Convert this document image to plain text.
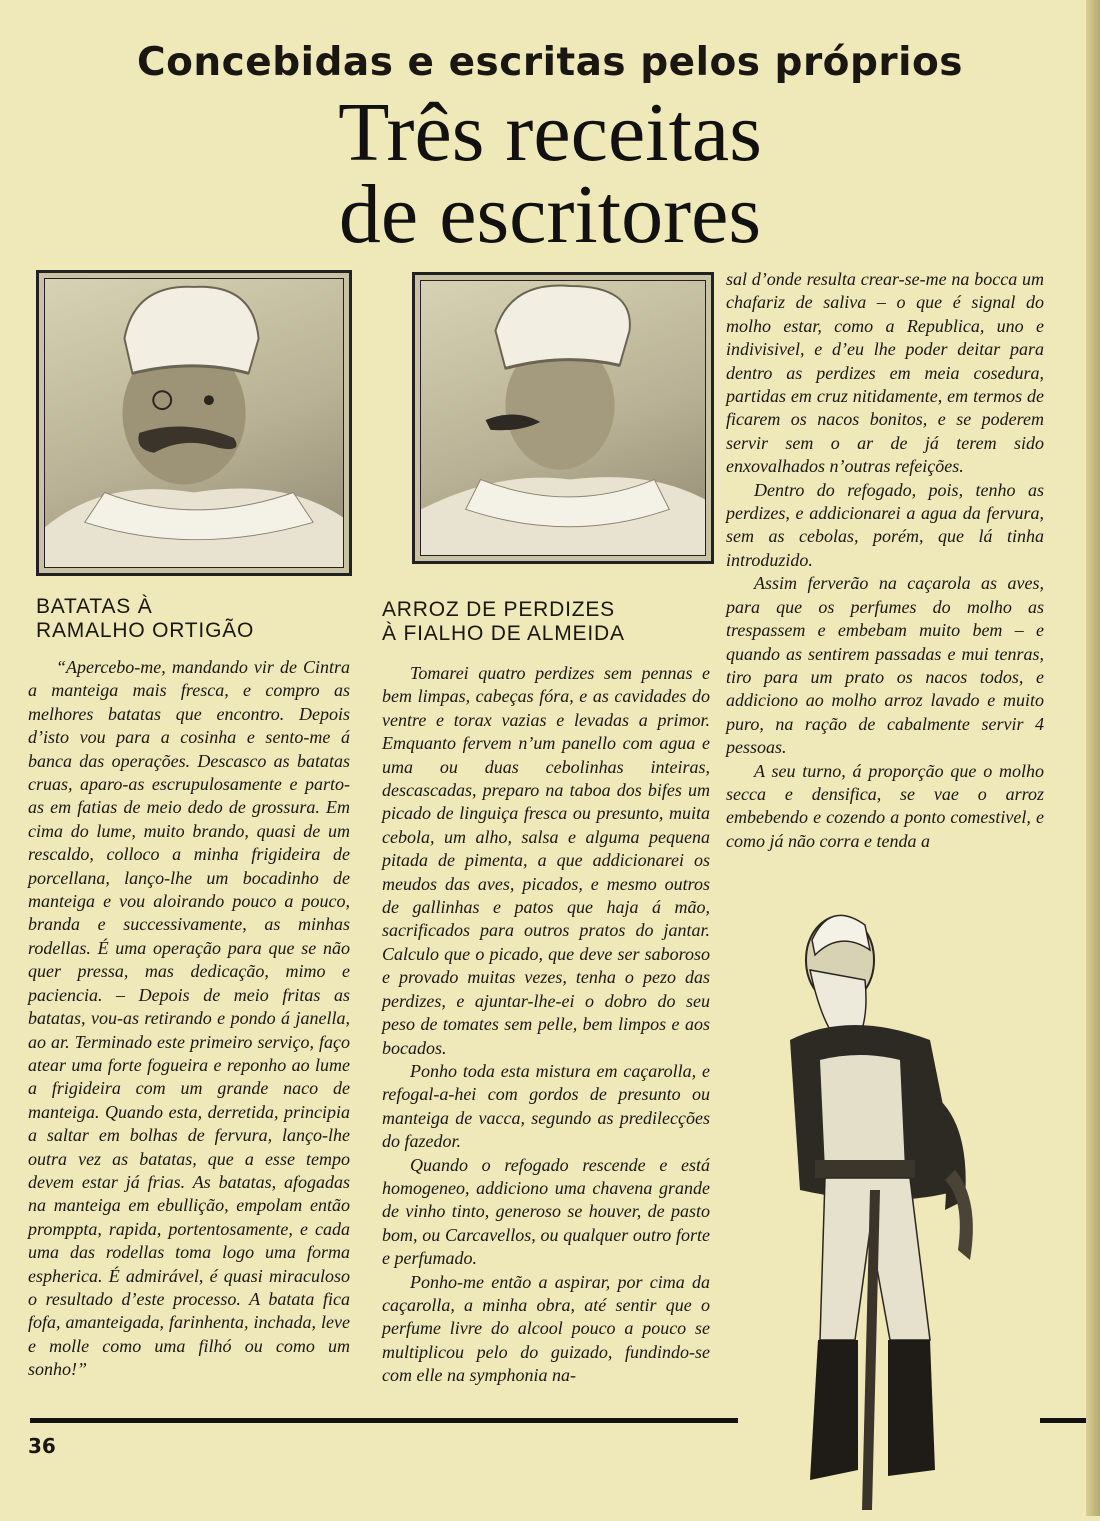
Concebidas e escritas pelos próprios
Três receitas
de escritores
BATATAS À
RAMALHO ORTIGÃO
ARROZ DE PERDIZES
À FIALHO DE ALMEIDA

“Apercebo-me, mandando vir de Cintra a manteiga mais fresca, e compro as melhores batatas que encontro. Depois d’isto vou para a cosinha e sento-me á banca das operações. Descasco as batatas cruas, aparo-as escrupulosamente e parto-as em fatias de meio dedo de grossura. Em cima do lume, muito brando, quasi de um rescaldo, colloco a minha frigideira de porcellana, lanço-lhe um bocadinho de manteiga e vou aloirando pouco a pouco, branda e successivamente, as minhas rodellas. É uma operação para que se não quer pressa, mas dedicação, mimo e paciencia. – Depois de meio fritas as batatas, vou-as retirando e pondo á janella, ao ar. Terminado este primeiro serviço, faço atear uma forte fogueira e reponho ao lume a frigideira com um grande naco de manteiga. Quando esta, derretida, principia a saltar em bolhas de fervura, lanço-lhe outra vez as batatas, que a esse tempo devem estar já frias. As batatas, afogadas na manteiga em ebullição, empolam então promppta, rapida, portentosamente, e cada uma das rodellas toma logo uma forma espherica. É admirável, é quasi miraculoso o resultado d’este processo. A batata fica fofa, amanteigada, farinhenta, inchada, leve e molle como uma filhó ou como um sonho!”

Tomarei quatro perdizes sem pennas e bem limpas, cabeças fóra, e as cavidades do ventre e torax vazias e levadas a primor. Emquanto fervem n’um panello com agua e uma ou duas cebolinhas inteiras, descascadas, preparo na taboa dos bifes um picado de linguiça fresca ou presunto, muita cebola, um alho, salsa e alguma pequena pitada de pimenta, a que addicionarei os meudos das aves, picados, e mesmo outros de gallinhas e patos que haja á mão, sacrificados para outros pratos do jantar. Calculo que o picado, que deve ser saboroso e provado muitas vezes, tenha o pezo das perdizes, e ajuntar-lhe-ei o dobro do seu peso de tomates sem pelle, bem limpos e aos bocados.

Ponho toda esta mistura em caçarolla, e refogal-a-hei com gordos de presunto ou manteiga de vacca, segundo as predilecções do fazedor.

Quando o refogado rescende e está homogeneo, addiciono uma chavena grande de vinho tinto, generoso se houver, de pasto bom, ou Carcavellos, ou qualquer outro forte e perfumado.

Ponho-me então a aspirar, por cima da caçarolla, a minha obra, até sentir que o perfume livre do alcool pouco a pouco se multiplicou pelo do guizado, fundindo-se com elle na symphonia na-

sal d’onde resulta crear-se-me na bocca um chafariz de saliva – o que é signal do molho estar, como a Republica, uno e indivisivel, e d’eu lhe poder deitar para dentro as perdizes em meia cosedura, partidas em cruz nitidamente, em termos de ficarem os nacos bonitos, e se poderem servir sem o ar de já terem sido enxovalhados n’outras refeições.

Dentro do refogado, pois, tenho as perdizes, e addicionarei a agua da fervura, sem as cebolas, porém, que lá tinha introduzido.

Assim ferverão na caçarola as aves, para que os perfumes do molho as trespassem e embebam muito bem – e quando as sentirem passadas e mui tenras, tiro para um prato os nacos todos, e addiciono ao molho arroz lavado e muito puro, na ração de cabalmente servir 4 pessoas.

A seu turno, á proporção que o molho secca e densifica, se vae o arroz embebendo e cozendo a ponto comestivel, e como já não corra e tenda a

36
